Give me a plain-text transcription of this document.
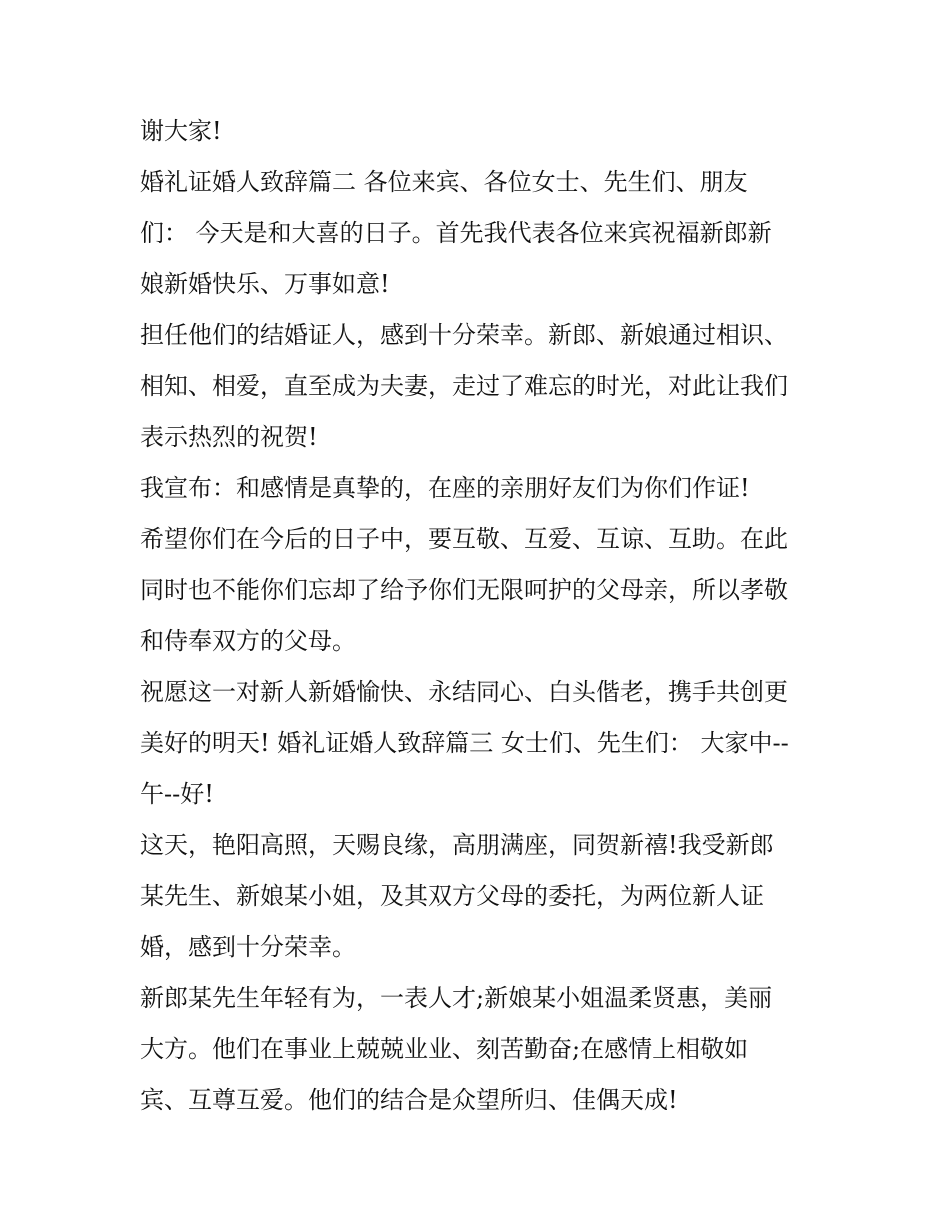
谢大家!
婚礼证婚人致辞篇二 各位来宾、各位女士、先生们、朋友
们： 今天是和大喜的日子。首先我代表各位来宾祝福新郎新
娘新婚快乐、万事如意!
担任他们的结婚证人，感到十分荣幸。新郎、新娘通过相识、
相知、相爱，直至成为夫妻，走过了难忘的时光，对此让我们
表示热烈的祝贺!
我宣布：和感情是真挚的，在座的亲朋好友们为你们作证!
希望你们在今后的日子中，要互敬、互爱、互谅、互助。在此
同时也不能你们忘却了给予你们无限呵护的父母亲，所以孝敬
和侍奉双方的父母。
祝愿这一对新人新婚愉快、永结同心、白头偕老，携手共创更
美好的明天! 婚礼证婚人致辞篇三 女士们、先生们： 大家中--
午--好!
这天，艳阳高照，天赐良缘，高朋满座，同贺新禧!我受新郎
某先生、新娘某小姐，及其双方父母的委托，为两位新人证
婚，感到十分荣幸。
新郎某先生年轻有为，一表人才;新娘某小姐温柔贤惠，美丽
大方。他们在事业上兢兢业业、刻苦勤奋;在感情上相敬如
宾、互尊互爱。他们的结合是众望所归、佳偶天成!
